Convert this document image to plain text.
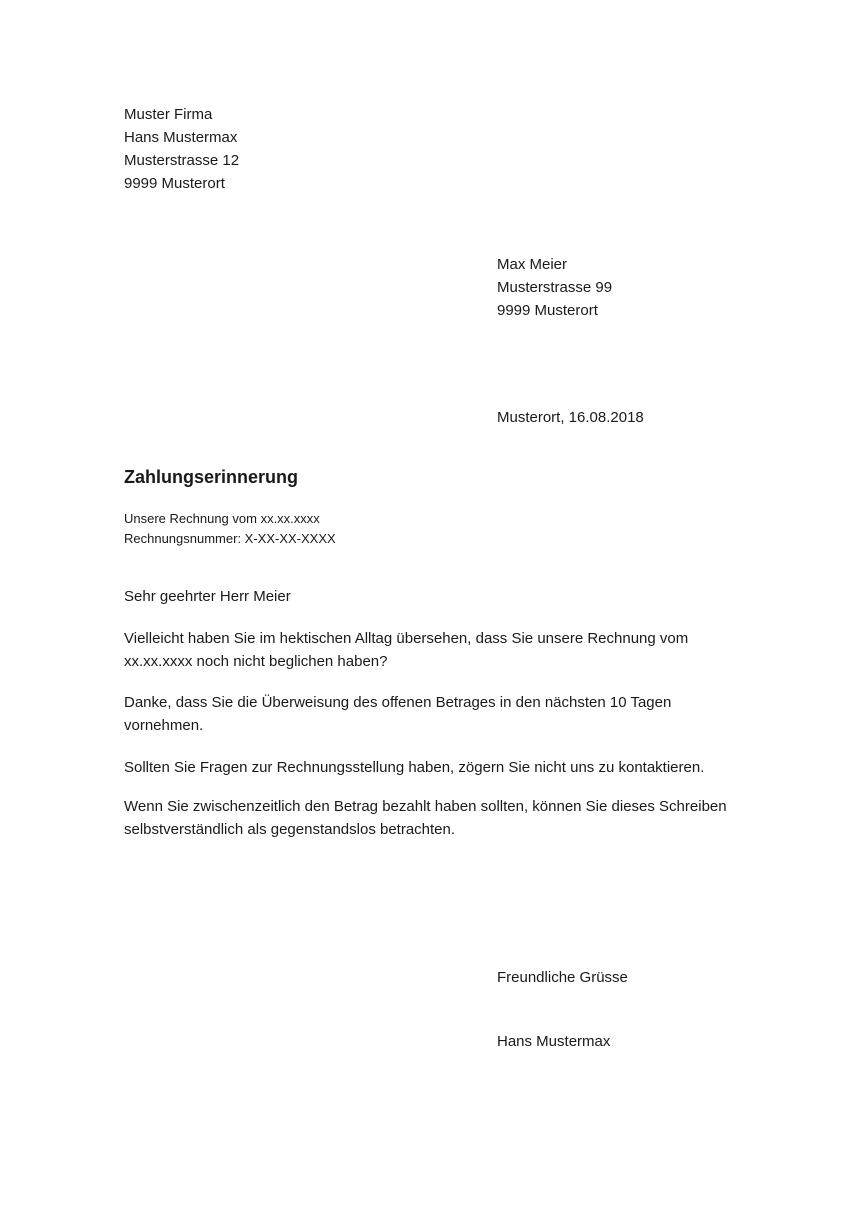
Muster Firma
Hans Mustermax
Musterstrasse 12
9999 Musterort
Max Meier
Musterstrasse 99
9999 Musterort
Musterort, 16.08.2018
Zahlungserinnerung
Unsere Rechnung vom xx.xx.xxxx
Rechnungsnummer: X-XX-XX-XXXX
Sehr geehrter Herr Meier
Vielleicht haben Sie im hektischen Alltag übersehen, dass Sie unsere Rechnung vom
xx.xx.xxxx noch nicht beglichen haben?
Danke, dass Sie die Überweisung des offenen Betrages in den nächsten 10 Tagen
vornehmen.
Sollten Sie Fragen zur Rechnungsstellung haben, zögern Sie nicht uns zu kontaktieren.
Wenn Sie zwischenzeitlich den Betrag bezahlt haben sollten, können Sie dieses Schreiben
selbstverständlich als gegenstandslos betrachten.
Freundliche Grüsse
Hans Mustermax
